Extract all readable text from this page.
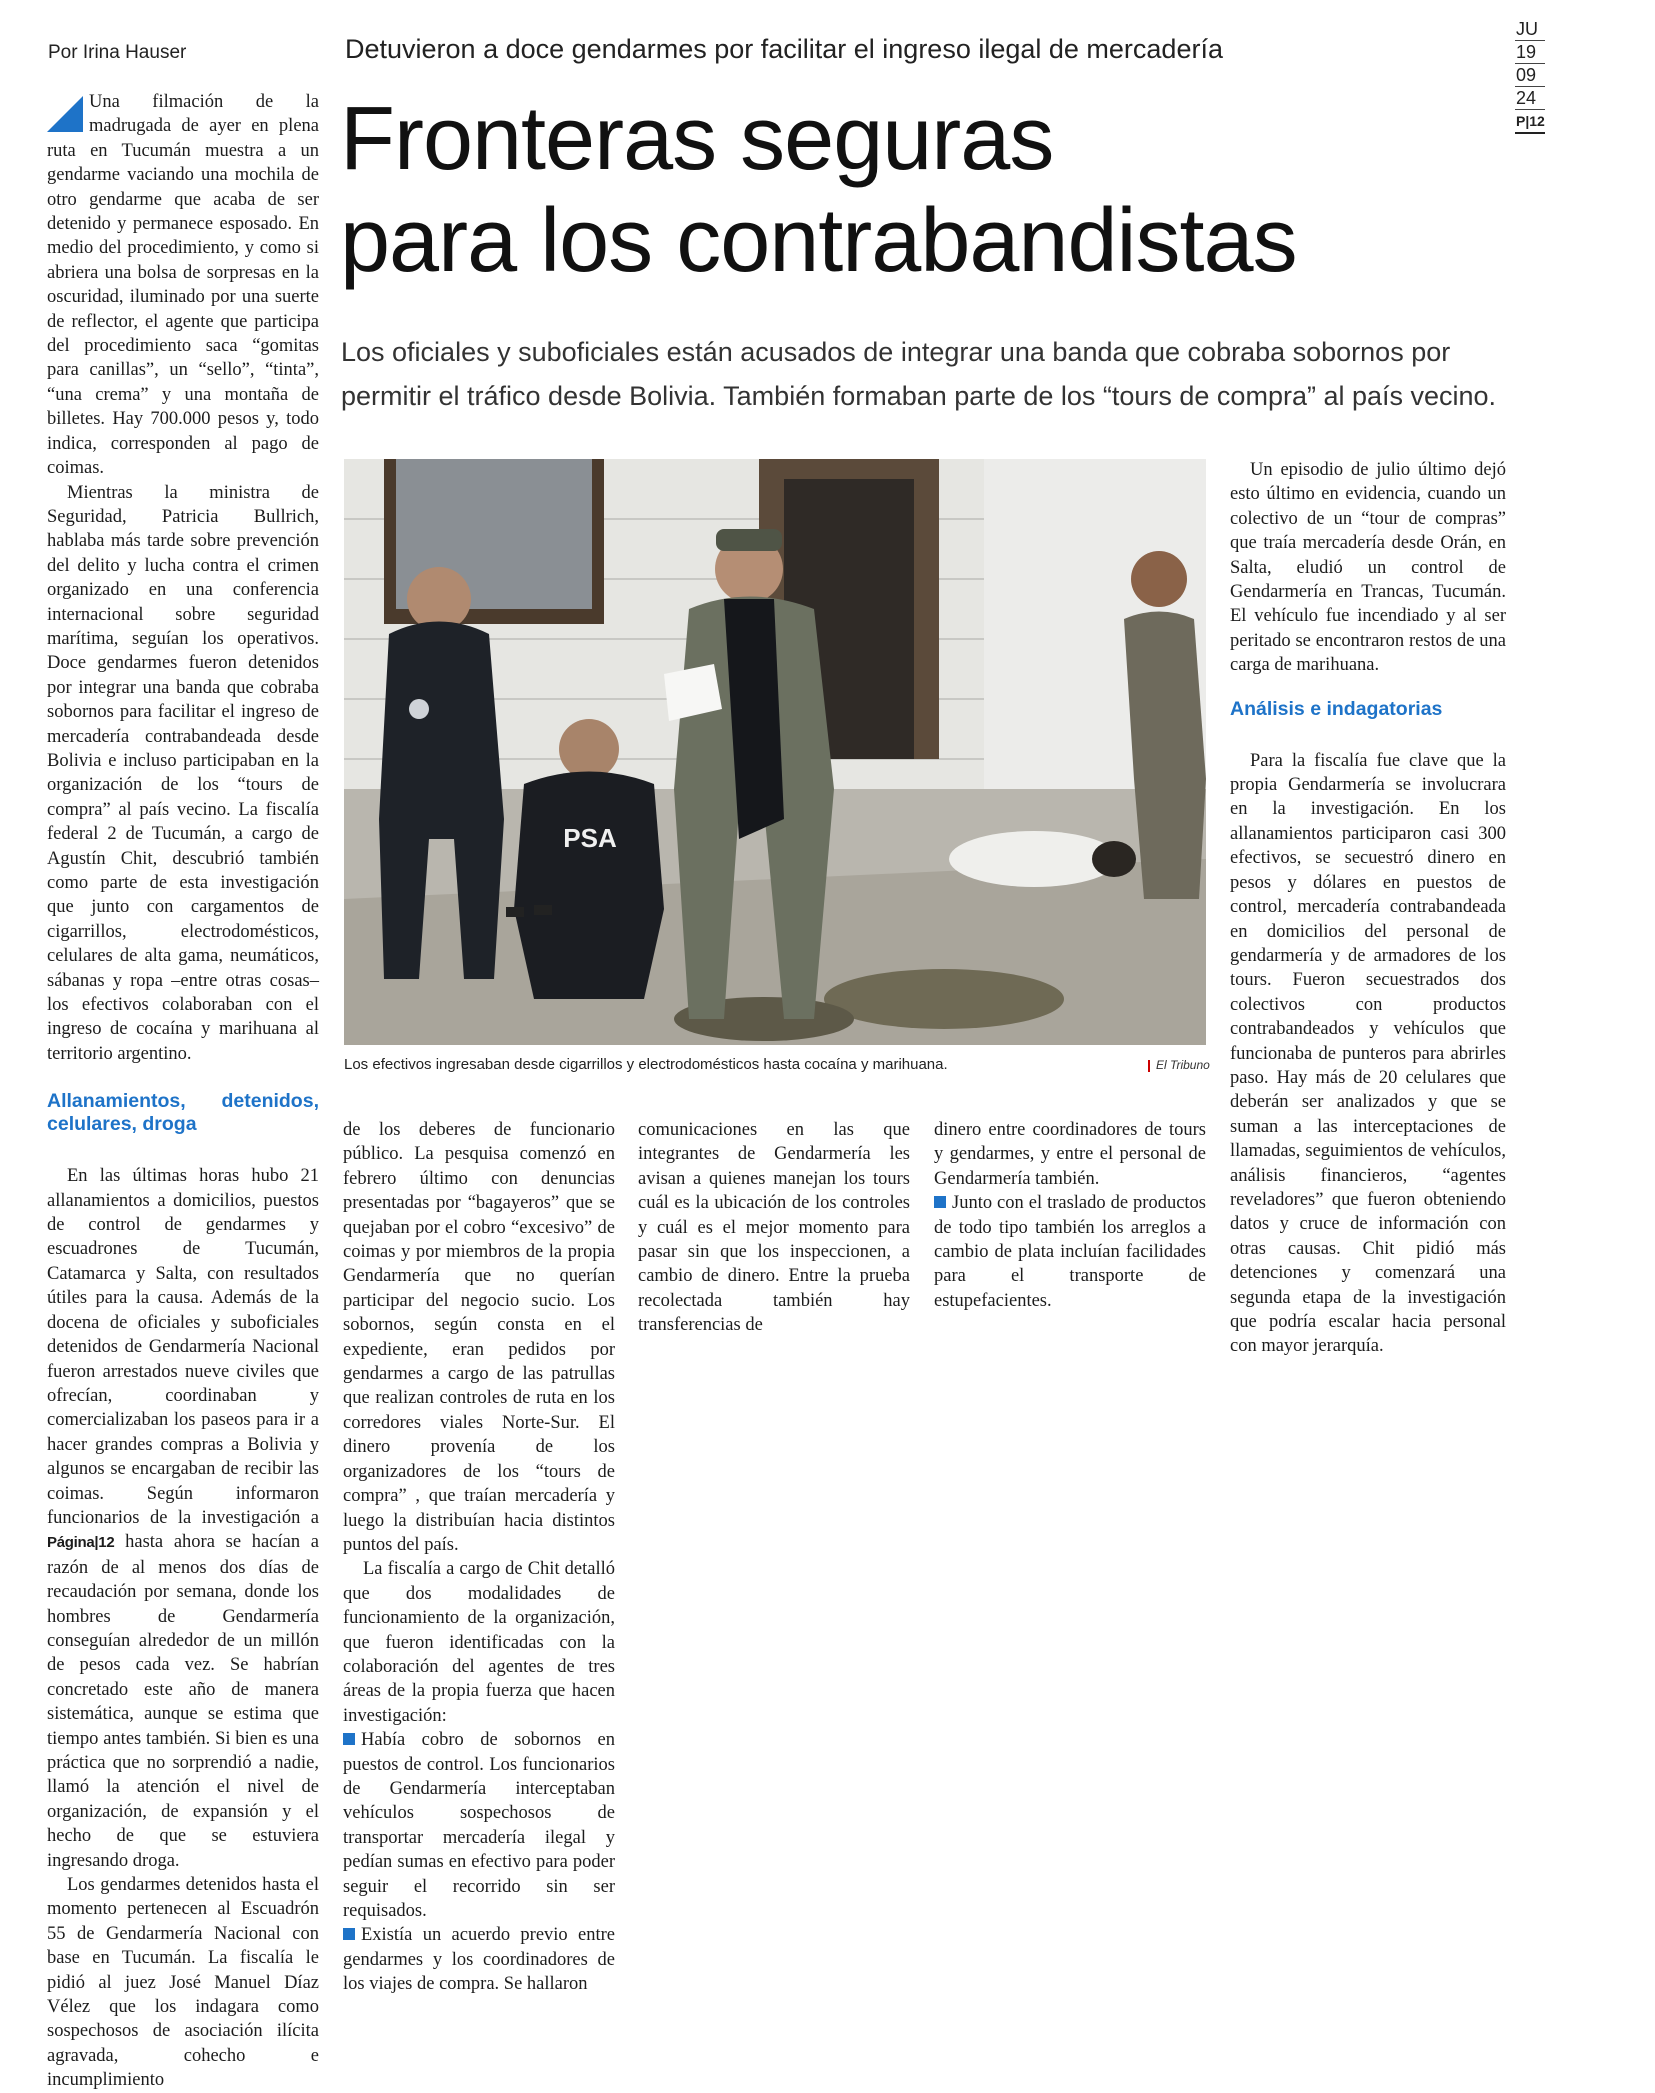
JU
19
09
24
P|12
Por Irina Hauser	Detuvieron a doce gendarmes por facilitar el ingreso ilegal de mercadería
Fronteras seguras
para los contrabandistas
Los oficiales y suboficiales están acusados de integrar una banda que cobraba sobornos por permitir el tráfico desde Bolivia. También formaban parte de los “tours de compra” al país vecino.
PSA
Los efectivos ingresaban desde cigarrillos y electrodomésticos hasta cocaína y marihuana.	El Tribuno

Una filmación de la madrugada de ayer en plena ruta en Tucumán muestra a un gendarme vaciando una mochila de otro gendarme que acaba de ser detenido y permanece esposado. En medio del procedimiento, y como si abriera una bolsa de sorpresas en la oscuridad, iluminado por una suerte de reflector, el agente que participa del procedimiento saca “gomitas para canillas”, un “sello”, “tinta”, “una crema” y una montaña de billetes. Hay 700.000 pesos y, todo indica, corresponden al pago de coimas.

Mientras la ministra de Seguridad, Patricia Bullrich, hablaba más tarde sobre prevención del delito y lucha contra el crimen organizado en una conferencia internacional sobre seguridad marítima, seguían los operativos. Doce gendarmes fueron detenidos por integrar una banda que cobraba sobornos para facilitar el ingreso de mercadería contrabandeada desde Bolivia e incluso participaban en la organización de los “tours de compra” al país vecino. La fiscalía federal 2 de Tucumán, a cargo de Agustín Chit, descubrió también como parte de esta investigación que junto con cargamentos de cigarrillos, electrodomésticos, celulares de alta gama, neumáticos, sábanas y ropa –entre otras cosas– los efectivos colaboraban con el ingreso de cocaína y marihuana al territorio argentino.

Allanamientos, detenidos, celulares, droga

En las últimas horas hubo 21 allanamientos a domicilios, puestos de control de gendarmes y escuadrones de Tucumán, Catamarca y Salta, con resultados útiles para la causa. Además de la docena de oficiales y suboficiales detenidos de Gendarmería Nacional fueron arrestados nueve civiles que ofrecían, coordinaban y comercializaban los paseos para ir a hacer grandes compras a Bolivia y algunos se encargaban de recibir las coimas. Según informaron funcionarios de la investigación a Página|12 hasta ahora se hacían a razón de al menos dos días de recaudación por semana, donde los hombres de Gendarmería conseguían alrededor de un millón de pesos cada vez. Se habrían concretado este año de manera sistemática, aunque se estima que tiempo antes también. Si bien es una práctica que no sorprendió a nadie, llamó la atención el nivel de organización, de expansión y el hecho de que se estuviera ingresando droga.

Los gendarmes detenidos hasta el momento pertenecen al Escuadrón 55 de Gendarmería Nacional con base en Tucumán. La fiscalía le pidió al juez José Manuel Díaz Vélez que los indagara como sospechosos de asociación ilícita agravada, cohecho e incumplimiento

de los deberes de funcionario público. La pesquisa comenzó en febrero último con denuncias presentadas por “bagayeros” que se quejaban por el cobro “excesivo” de coimas y por miembros de la propia Gendarmería que no querían participar del negocio sucio. Los sobornos, según consta en el expediente, eran pedidos por gendarmes a cargo de las patrullas que realizan controles de ruta en los corredores viales Norte-Sur. El dinero provenía de los organizadores de los “tours de compra” , que traían mercadería y luego la distribuían hacia distintos puntos del país.

La fiscalía a cargo de Chit detalló que dos modalidades de funcionamiento de la organización, que fueron identificadas con la colaboración del agentes de tres áreas de la propia fuerza que hacen investigación:

Había cobro de sobornos en puestos de control. Los funcionarios de Gendarmería interceptaban vehículos sospechosos de transportar mercadería ilegal y pedían sumas en efectivo para poder seguir el recorrido sin ser requisados.

Existía un acuerdo previo entre gendarmes y los coordinadores de los viajes de compra. Se hallaron

comunicaciones en las que integrantes de Gendarmería les avisan a quienes manejan los tours cuál es la ubicación de los controles y cuál es el mejor momento para pasar sin que los inspeccionen, a cambio de dinero. Entre la prueba recolectada también hay transferencias de

dinero entre coordinadores de tours y gendarmes, y entre el personal de Gendarmería también.

Junto con el traslado de productos de todo tipo también los arreglos a cambio de plata incluían facilidades para el transporte de estupefacientes.

Un episodio de julio último dejó esto último en evidencia, cuando un colectivo de un “tour de compras” que traía mercadería desde Orán, en Salta, eludió un control de Gendarmería en Trancas, Tucumán. El vehículo fue incendiado y al ser peritado se encontraron restos de una carga de marihuana.

Análisis e indagatorias

Para la fiscalía fue clave que la propia Gendarmería se involucrara en la investigación. En los allanamientos participaron casi 300 efectivos, se secuestró dinero en pesos y dólares en puestos de control, mercadería contrabandeada en domicilios del personal de gendarmería y de armadores de los tours. Fueron secuestrados dos colectivos con productos contrabandeados y vehículos que funcionaba de punteros para abrirles paso. Hay más de 20 celulares que deberán ser analizados y que se suman a las interceptaciones de llamadas, seguimientos de vehículos, análisis financieros, “agentes reveladores” que fueron obteniendo datos y cruce de información con otras causas. Chit pidió más detenciones y comenzará una segunda etapa de la investigación que podría escalar hacia personal con mayor jerarquía.
